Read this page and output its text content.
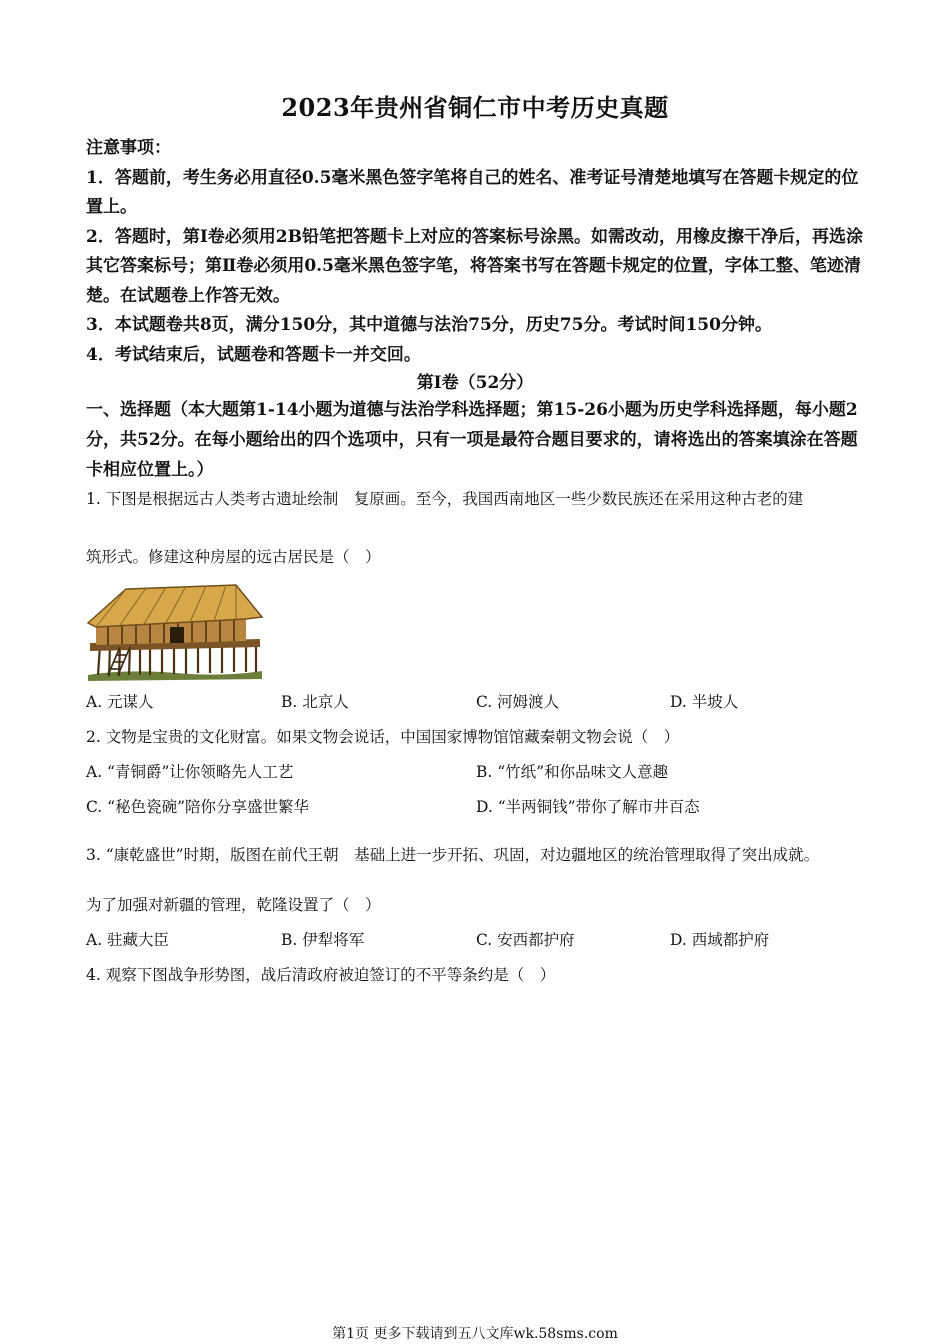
2023年贵州省铜仁市中考历史真题

注意事项：

1．答题前，考生务必用直径0.5毫米黑色签字笔将自己的姓名、准考证号清楚地填写在答题卡规定的位置上。

2．答题时，第Ⅰ卷必须用2B铅笔把答题卡上对应的答案标号涂黑。如需改动，用橡皮擦干净后，再选涂其它答案标号；第Ⅱ卷必须用0.5毫米黑色签字笔，将答案书写在答题卡规定的位置，字体工整、笔迹清楚。在试题卷上作答无效。

3．本试题卷共8页，满分150分，其中道德与法治75分，历史75分。考试时间150分钟。

4．考试结束后，试题卷和答题卡一并交回。

第Ⅰ卷（52分）
一、选择题（本大题第1-14小题为道德与法治学科选择题；第15-26小题为历史学科选择题，每小题2分，共52分。在每小题给出的四个选项中，只有一项是最符合题目要求的，请将选出的答案填涂在答题卡相应位置上。）
1. 下图是根据远古人类考古遗址绘制　复原画。至今，我国西南地区一些少数民族还在采用这种古老的建
筑形式。修建这种房屋的远古居民是（　）
A. 元谋人	B. 北京人	C. 河姆渡人	D. 半坡人
2. 文物是宝贵的文化财富。如果文物会说话，中国国家博物馆馆藏秦朝文物会说（　）
A. “青铜爵”让你领略先人工艺	B. “竹纸”和你品味文人意趣
C. “秘色瓷碗”陪你分享盛世繁华	D. “半两铜钱”带你了解市井百态
3. “康乾盛世”时期，版图在前代王朝　基础上进一步开拓、巩固，对边疆地区的统治管理取得了突出成就。
为了加强对新疆的管理，乾隆设置了（　）
A. 驻藏大臣	B. 伊犁将军	C. 安西都护府	D. 西域都护府
4. 观察下图战争形势图，战后清政府被迫签订的不平等条约是（　）
第1页 更多下载请到五八文库wk.58sms.com
